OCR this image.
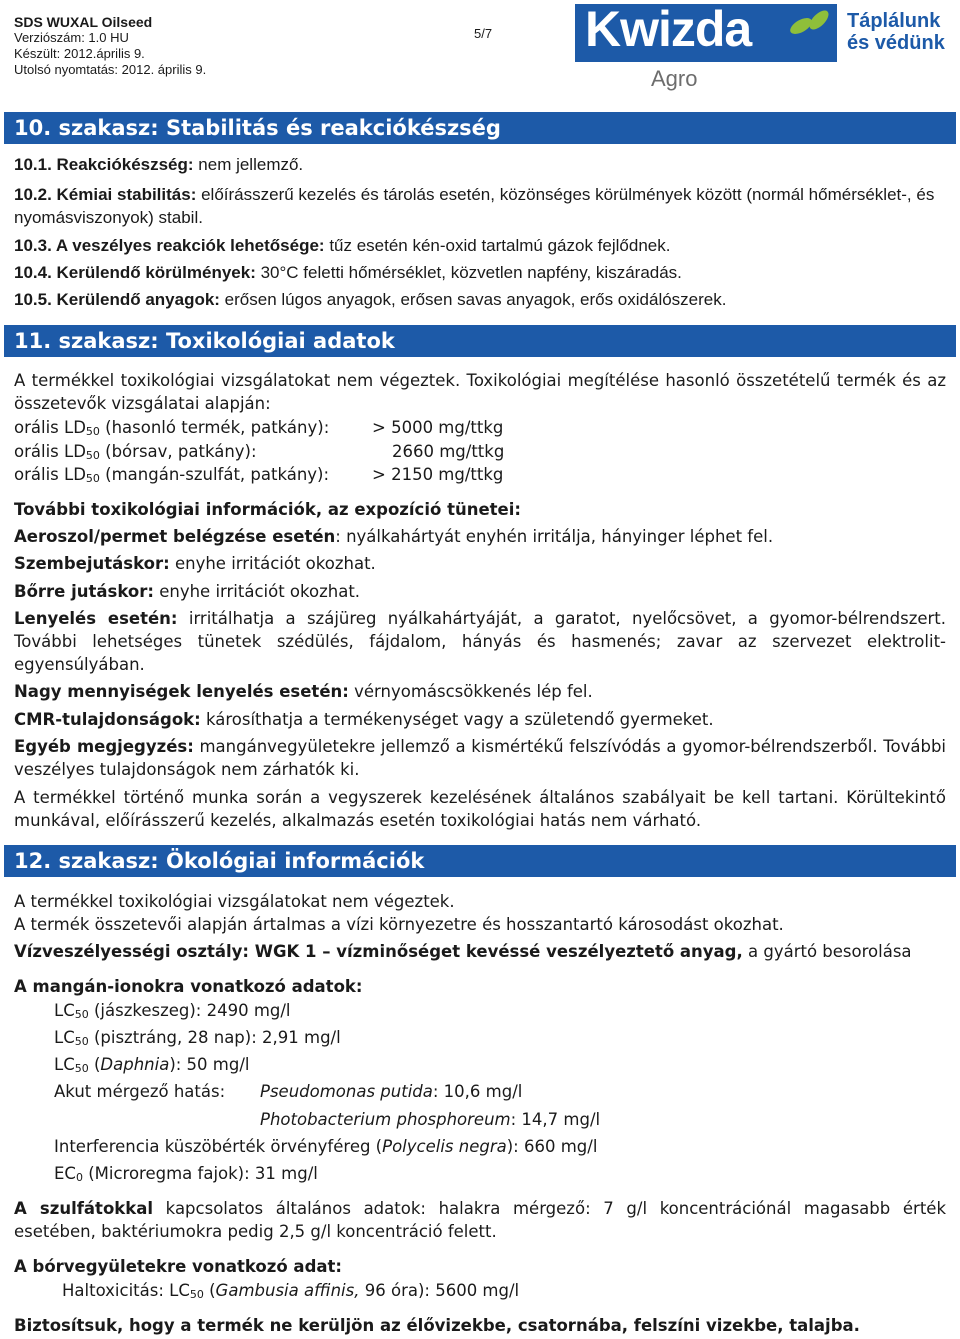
SDS WUXAL Oilseed
Verziószám: 1.0 HU
Készült: 2012.április 9.
Utolsó nyomtatás: 2012. április 9.
5/7 Kwizda
Agro
Táplálunk
és védünk
10. szakasz: Stabilitás és reakciókészség
10.1. Reakciókészség: nem jellemző.
10.2. Kémiai stabilitás: előírásszerű kezelés és tárolás esetén, közönséges körülmények között (normál hőmérséklet-, és nyomásviszonyok) stabil.
10.3. A veszélyes reakciók lehetősége: tűz esetén kén-oxid tartalmú gázok fejlődnek.
10.4. Kerülendő körülmények: 30°C feletti hőmérséklet, közvetlen napfény, kiszáradás.
10.5. Kerülendő anyagok: erősen lúgos anyagok, erősen savas anyagok, erős oxidálószerek.
11. szakasz: Toxikológiai adatok
A termékkel toxikológiai vizsgálatokat nem végeztek. Toxikológiai megítélése hasonló összetételű termék és az összetevők vizsgálatai alapján:
orális $LD_{50}$ (hasonló termék, patkány):	> 5000 mg/ttkg
orális $LD_{50}$ (bórsav, patkány):	2660 mg/ttkg
orális $LD_{50}$ (mangán-szulfát, patkány):	> 2150 mg/ttkg
További toxikológiai információk, az expozíció tünetei:
Aeroszol/permet belégzése esetén: nyálkahártyát enyhén irritálja, hányinger léphet fel.
Szembejutáskor: enyhe irritációt okozhat.
Bőrre jutáskor: enyhe irritációt okozhat.
Lenyelés esetén: irritálhatja a szájüreg nyálkahártyáját, a garatot, nyelőcsövet, a gyomor-bélrendszert. További lehetséges tünetek szédülés, fájdalom, hányás és hasmenés; zavar az szervezet elektrolit-egyensúlyában.
Nagy mennyiségek lenyelés esetén: vérnyomáscsökkenés lép fel.
CMR-tulajdonságok: károsíthatja a termékenységet vagy a születendő gyermeket.
Egyéb megjegyzés: mangánvegyületekre jellemző a kismértékű felszívódás a gyomor-bélrendszerből. További veszélyes tulajdonságok nem zárhatók ki.
A termékkel történő munka során a vegyszerek kezelésének általános szabályait be kell tartani. Körültekintő munkával, előírásszerű kezelés, alkalmazás esetén toxikológiai hatás nem várható.
12. szakasz: Ökológiai információk
A termékkel toxikológiai vizsgálatokat nem végeztek.
A termék összetevői alapján ártalmas a vízi környezetre és hosszantartó károsodást okozhat.
Vízveszélyességi osztály: WGK 1 – vízminőséget kevéssé veszélyeztető anyag, a gyártó besorolása
A mangán-ionokra vonatkozó adatok:
$LC_{50}$ (jászkeszeg): 2490 mg/l
$LC_{50}$ (pisztráng, 28 nap): 2,91 mg/l
$LC_{50}$ (Daphnia): 50 mg/l
Akut mérgező hatás: Pseudomonas putida: 10,6 mg/l
Photobacterium phosphoreum: 14,7 mg/l
Interferencia küszöbérték örvényféreg (Polycelis negra): 660 mg/l
$EC_0$ (Microregma fajok): 31 mg/l
A szulfátokkal kapcsolatos általános adatok: halakra mérgező: 7 g/l koncentrációnál magasabb érték esetében, baktériumokra pedig 2,5 g/l koncentráció felett.
A bórvegyületekre vonatkozó adat:
Haltoxicitás: $LC_{50}$ (Gambusia affinis, 96 óra): 5600 mg/l
Biztosítsuk, hogy a termék ne kerüljön az élővizekbe, csatornába, felszíni vizekbe, talajba.
